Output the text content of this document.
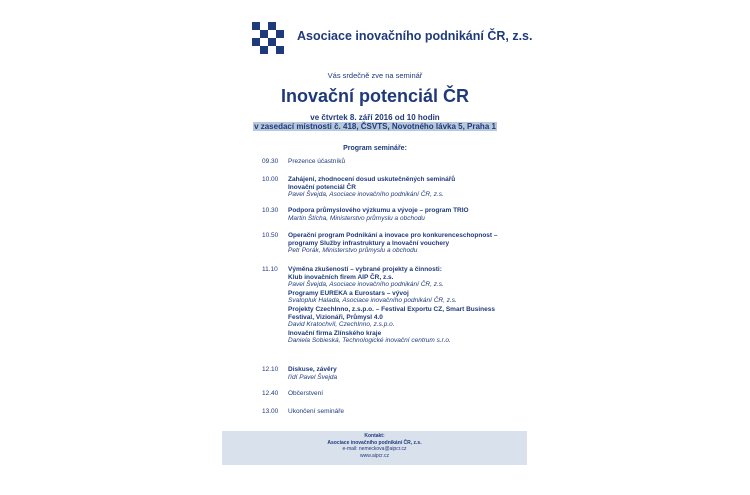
Asociace inovačního podnikání ČR, z.s.
Vás srdečně zve na seminář
Inovační potenciál ČR
ve čtvrtek 8. září 2016 od 10 hodin
v zasedací místnosti č. 418, ČSVTS, Novotného lávka 5, Praha 1
Program semináře:
09.30	Prezence účastníků
10.00	Zahájení, zhodnocení dosud uskutečněných seminářů
Inovační potenciál ČR
Pavel Švejda, Asociace inovačního podnikání ČR, z.s.
10.30	Podpora průmyslového výzkumu a vývoje – program TRIO
Martin Štícha, Ministerstvo průmyslu a obchodu
10.50	Operační program Podnikání a inovace pro konkurenceschopnost –
programy Služby infrastruktury a Inovační vouchery
Petr Porák, Ministerstvo průmyslu a obchodu
11.10	Výměna zkušeností – vybrané projekty a činnosti:
Klub inovačních firem AIP ČR, z.s.
Pavel Švejda, Asociace inovačního podnikání ČR, z.s.
Programy EUREKA a Eurostars – vývoj
Svatopluk Halada, Asociace inovačního podnikání ČR, z.s.
Projekty CzechInno, z.s.p.o. – Festival Exportu CZ, Smart Business
Festival, Vizionáři, Průmysl 4.0
David Kratochvíl, CzechInno, z.s.p.o.
Inovační firma Zlínského kraje
Daniela Sobieská, Technologické inovační centrum s.r.o.
12.10	Diskuse, závěry
řídí Pavel Švejda
12.40	Občerstvení
13.00	Ukončení semináře
Kontakt:
Asociace inovačního podnikání ČR, z.s.
e-mail: nemeckova@aipcr.cz
www.aipcr.cz
